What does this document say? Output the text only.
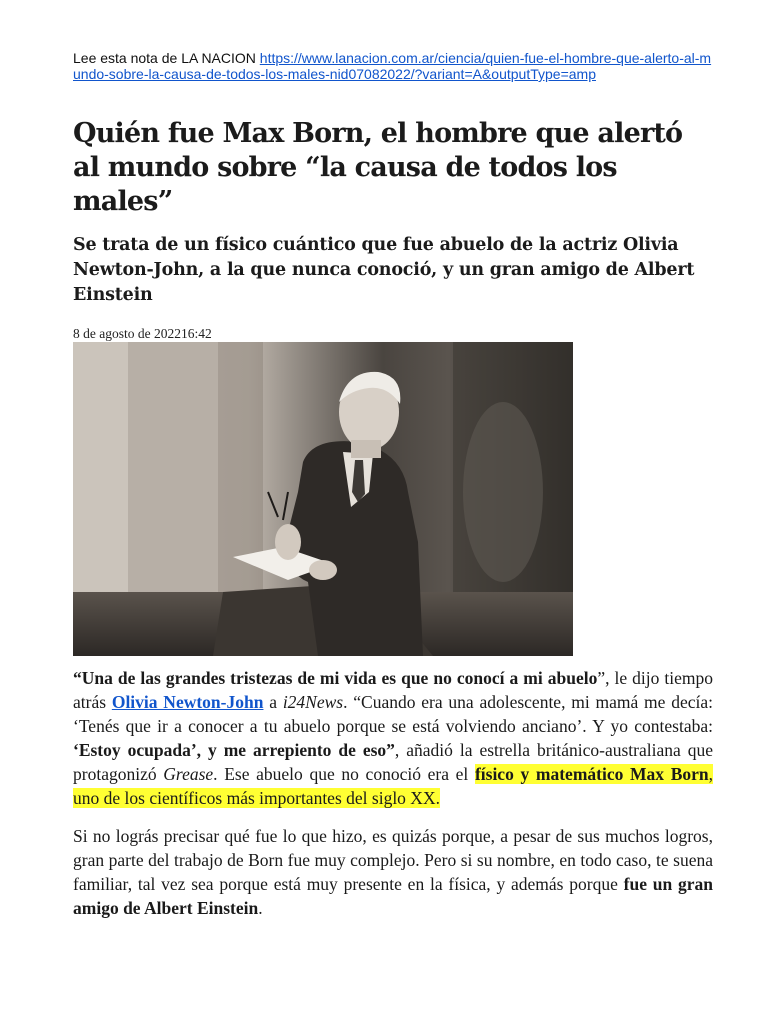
Lee esta nota de LA NACION https://www.lanacion.com.ar/ciencia/quien-fue-el-hombre-que-alerto-al-mundo-sobre-la-causa-de-todos-los-males-nid07082022/?variant=A&outputType=amp

Quién fue Max Born, el hombre que alertó al mundo sobre “la causa de todos los males”
Se trata de un físico cuántico que fue abuelo de la actriz Olivia Newton-John, a la que nunca conoció, y un gran amigo de Albert Einstein
8 de agosto de 202216:42

“Una de las grandes tristezas de mi vida es que no conocí a mi abuelo”, le dijo tiempo atrás Olivia Newton-John a i24News. “Cuando era una adolescente, mi mamá me decía: ‘Tenés que ir a conocer a tu abuelo porque se está volviendo anciano’. Y yo contestaba: ‘Estoy ocupada’, y me arrepiento de eso”, añadió la estrella británico-australiana que protagonizó Grease. Ese abuelo que no conoció era el físico y matemático Max Born, uno de los científicos más importantes del siglo XX.

Si no lográs precisar qué fue lo que hizo, es quizás porque, a pesar de sus muchos logros, gran parte del trabajo de Born fue muy complejo. Pero si su nombre, en todo caso, te suena familiar, tal vez sea porque está muy presente en la física, y además porque fue un gran amigo de Albert Einstein.
